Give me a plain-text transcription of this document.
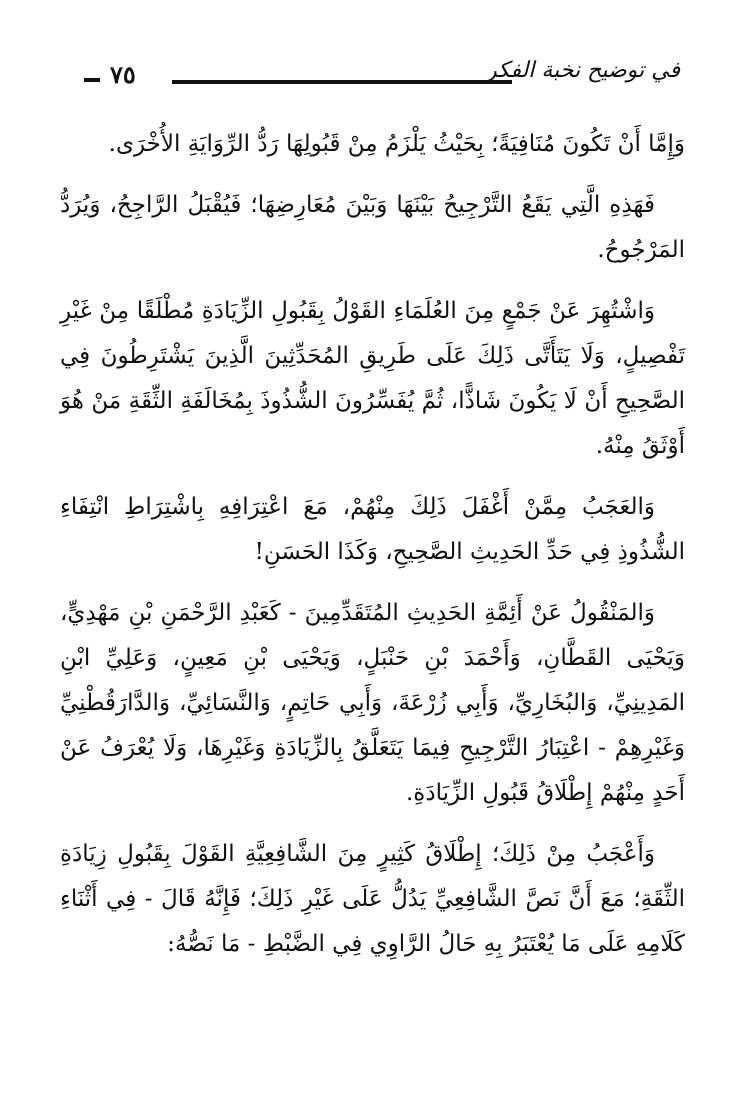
٧٥	في توضيح نخبة الفكر

وَإِمَّا أَنْ تَكُونَ مُنَافِيَةً؛ بِحَيْثُ يَلْزَمُ مِنْ قَبُولِهَا رَدُّ الرِّوَايَةِ الأُخْرَى.

فَهَذِهِ الَّتِي يَقَعُ التَّرْجِيحُ بَيْنَهَا وَبَيْنَ مُعَارِضِهَا؛ فَيُقْبَلُ الرَّاجِحُ، وَيُرَدُّ المَرْجُوحُ.

وَاشْتُهِرَ عَنْ جَمْعٍ مِنَ العُلَمَاءِ القَوْلُ بِقَبُولِ الزِّيَادَةِ مُطْلَقًا مِنْ غَيْرِ تَفْصِيلٍ، وَلَا يَتَأَتَّى ذَلِكَ عَلَى طَرِيقِ المُحَدِّثِينَ الَّذِينَ يَشْتَرِطُونَ فِي الصَّحِيحِ أَنْ لَا يَكُونَ شَاذًّا، ثُمَّ يُفَسِّرُونَ الشُّذُوذَ بِمُخَالَفَةِ الثِّقَةِ مَنْ هُوَ أَوْثَقُ مِنْهُ.

وَالعَجَبُ مِمَّنْ أَغْفَلَ ذَلِكَ مِنْهُمْ، مَعَ اعْتِرَافِهِ بِاشْتِرَاطِ انْتِفَاءِ الشُّذُوذِ فِي حَدِّ الحَدِيثِ الصَّحِيحِ، وَكَذَا الحَسَنِ!

وَالمَنْقُولُ عَنْ أَئِمَّةِ الحَدِيثِ المُتَقَدِّمِينَ - كَعَبْدِ الرَّحْمَنِ بْنِ مَهْدِيٍّ، وَيَحْيَى القَطَّانِ، وَأَحْمَدَ بْنِ حَنْبَلٍ، وَيَحْيَى بْنِ مَعِينٍ، وَعَلِيِّ ابْنِ المَدِينِيِّ، وَالبُخَارِيِّ، وَأَبِي زُرْعَةَ، وَأَبِي حَاتِمٍ، وَالنَّسَائِيِّ، وَالدَّارَقُطْنِيِّ وَغَيْرِهِمْ - اعْتِبَارُ التَّرْجِيحِ فِيمَا يَتَعَلَّقُ بِالزِّيَادَةِ وَغَيْرِهَا، وَلَا يُعْرَفُ عَنْ أَحَدٍ مِنْهُمْ إِطْلَاقُ قَبُولِ الزِّيَادَةِ.

وَأَعْجَبُ مِنْ ذَلِكَ؛ إِطْلَاقُ كَثِيرٍ مِنَ الشَّافِعِيَّةِ القَوْلَ بِقَبُولِ زِيَادَةِ الثِّقَةِ؛ مَعَ أَنَّ نَصَّ الشَّافِعِيِّ يَدُلُّ عَلَى غَيْرِ ذَلِكَ؛ فَإِنَّهُ قَالَ - فِي أَثْنَاءِ كَلَامِهِ عَلَى مَا يُعْتَبَرُ بِهِ حَالُ الرَّاوِي فِي الضَّبْطِ - مَا نَصُّهُ:
